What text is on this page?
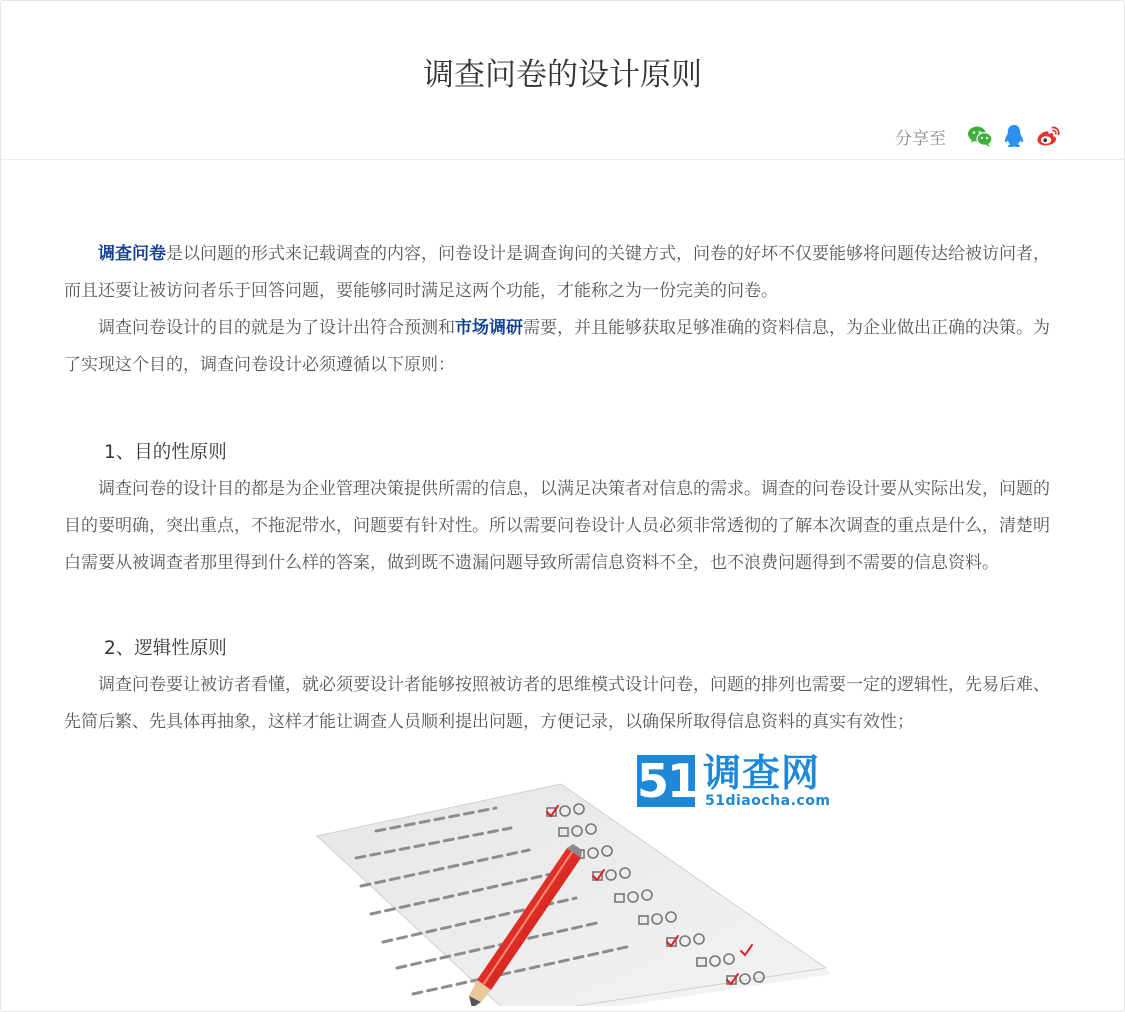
调查问卷的设计原则
分享至

调查问卷是以问题的形式来记载调查的内容，问卷设计是调查询问的关键方式，问卷的好坏不仅要能够将问题传达给被访问者，而且还要让被访问者乐于回答问题，要能够同时满足这两个功能，才能称之为一份完美的问卷。

调查问卷设计的目的就是为了设计出符合预测和市场调研需要，并且能够获取足够准确的资料信息，为企业做出正确的决策。为了实现这个目的，调查问卷设计必须遵循以下原则：

1、目的性原则

调查问卷的设计目的都是为企业管理决策提供所需的信息，以满足决策者对信息的需求。调查的问卷设计要从实际出发，问题的目的要明确，突出重点，不拖泥带水，问题要有针对性。所以需要问卷设计人员必须非常透彻的了解本次调查的重点是什么，清楚明白需要从被调查者那里得到什么样的答案，做到既不遗漏问题导致所需信息资料不全，也不浪费问题得到不需要的信息资料。

2、逻辑性原则

调查问卷要让被访者看懂，就必须要设计者能够按照被访者的思维模式设计问卷，问题的排列也需要一定的逻辑性，先易后难、先简后繁、先具体再抽象，这样才能让调查人员顺利提出问题，方便记录，以确保所取得信息资料的真实有效性；

51 调查网
51diaocha.com
